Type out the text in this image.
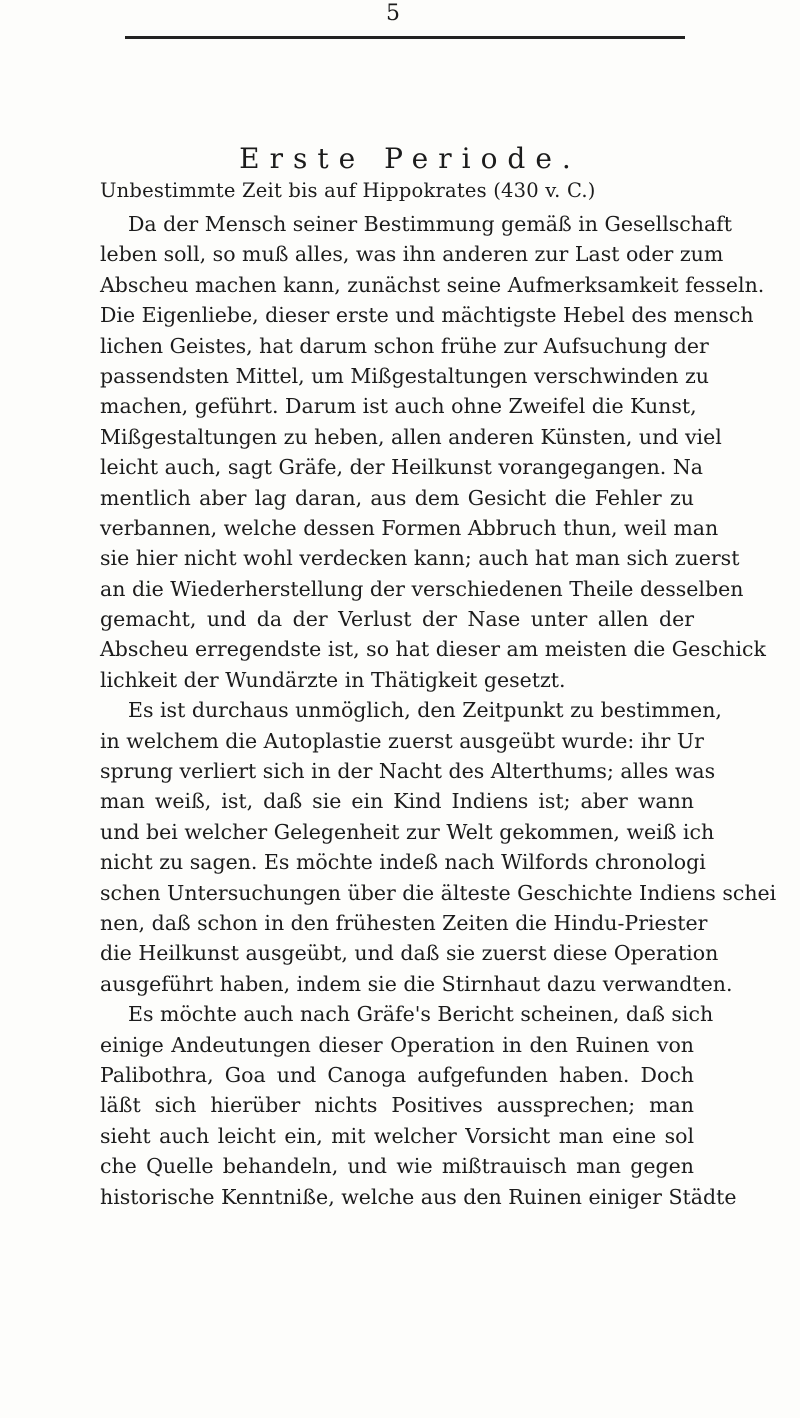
5
Erste Periode.
Unbestimmte Zeit bis auf Hippokrates (430 v. C.)
Da der Mensch seiner Bestimmung gemäß in Gesellschaft
leben soll, so muß alles, was ihn anderen zur Last oder zum
Abscheu machen kann, zunächst seine Aufmerksamkeit fesseln.
Die Eigenliebe, dieser erste und mächtigste Hebel des mensch
lichen Geistes, hat darum schon frühe zur Aufsuchung der
passendsten Mittel, um Mißgestaltungen verschwinden zu
machen, geführt. Darum ist auch ohne Zweifel die Kunst,
Mißgestaltungen zu heben, allen anderen Künsten, und viel
leicht auch, sagt Gräfe, der Heilkunst vorangegangen. Na
mentlich aber lag daran, aus dem Gesicht die Fehler zu
verbannen, welche dessen Formen Abbruch thun, weil man
sie hier nicht wohl verdecken kann; auch hat man sich zuerst
an die Wiederherstellung der verschiedenen Theile desselben
gemacht, und da der Verlust der Nase unter allen der
Abscheu erregendste ist, so hat dieser am meisten die Geschick
lichkeit der Wundärzte in Thätigkeit gesetzt.
Es ist durchaus unmöglich, den Zeitpunkt zu bestimmen,
in welchem die Autoplastie zuerst ausgeübt wurde: ihr Ur
sprung verliert sich in der Nacht des Alterthums; alles was
man weiß, ist, daß sie ein Kind Indiens ist; aber wann
und bei welcher Gelegenheit zur Welt gekommen, weiß ich
nicht zu sagen. Es möchte indeß nach Wilfords chronologi
schen Untersuchungen über die älteste Geschichte Indiens schei
nen, daß schon in den frühesten Zeiten die Hindu-Priester
die Heilkunst ausgeübt, und daß sie zuerst diese Operation
ausgeführt haben, indem sie die Stirnhaut dazu verwandten.
Es möchte auch nach Gräfe's Bericht scheinen, daß sich
einige Andeutungen dieser Operation in den Ruinen von
Palibothra, Goa und Canoga aufgefunden haben. Doch
läßt sich hierüber nichts Positives aussprechen; man
sieht auch leicht ein, mit welcher Vorsicht man eine sol
che Quelle behandeln, und wie mißtrauisch man gegen
historische Kenntniße, welche aus den Ruinen einiger Städte
